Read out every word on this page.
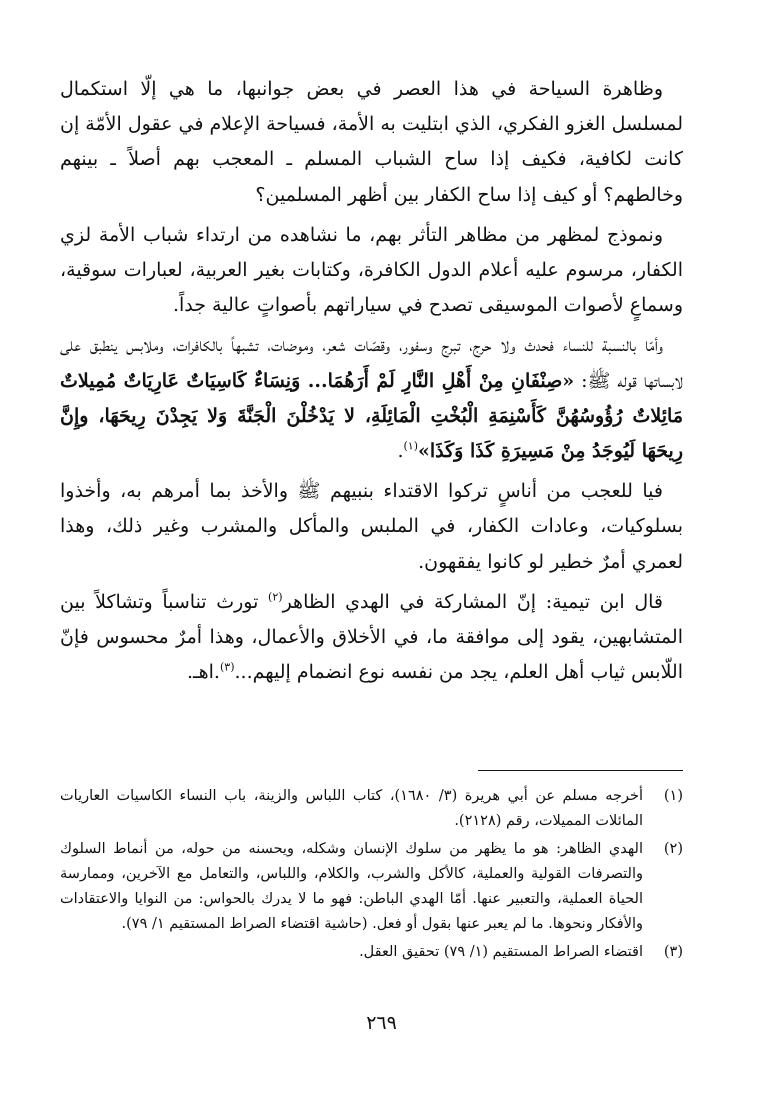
وظاهرة السياحة في هذا العصر في بعض جوانبها، ما هي إلّا استكمال لمسلسل الغزو الفكري، الذي ابتليت به الأمة، فسياحة الإعلام في عقول الأمّة إن كانت لكافية، فكيف إذا ساح الشباب المسلم ـ المعجب بهم أصلاً ـ بينهم وخالطهم؟ أو كيف إذا ساح الكفار بين أظهر المسلمين؟

ونموذج لمظهر من مظاهر التأثر بهم، ما نشاهده من ارتداء شباب الأمة لزي الكفار، مرسوم عليه أعلام الدول الكافرة، وكتابات بغير العربية، لعبارات سوقية، وسماعٍ لأصوات الموسيقى تصدح في سياراتهم بأصواتٍ عالية جداً.

وأمّا بالنسبة للنساء فحدث ولا حرج، تبرج وسفور، وقصّات شعر، وموضات، تشبهاً بالكافرات، وملابس ينطبق على لابساتها قوله ﷺ: «صِنْفَانِ مِنْ أَهْلِ النَّارِ لَمْ أَرَهُمَا... وَنِسَاءٌ كَاسِيَاتٌ عَارِيَاتٌ مُمِيلاتٌ مَائِلاتٌ رُؤُوسُهُنَّ كَأَسْنِمَةِ الْبُخْتِ الْمَائِلَةِ، لا يَدْخُلْنَ الْجَنَّةَ وَلا يَجِدْنَ رِيحَهَا، وإِنَّ رِيحَهَا لَيُوجَدُ مِنْ مَسِيرَةِ كَذَا وَكَذَا»$^{(١)}$.

فيا للعجب من أناسٍ تركوا الاقتداء بنبيهم ﷺ والأخذ بما أمرهم به، وأخذوا بسلوكيات، وعادات الكفار، في الملبس والمأكل والمشرب وغير ذلك، وهذا لعمري أمرٌ خطير لو كانوا يفقهون.

قال ابن تيمية: إنّ المشاركة في الهدي الظاهر$^{(٢)}$ تورث تناسباً وتشاكلاً بين المتشابهين، يقود إلى موافقة ما، في الأخلاق والأعمال، وهذا أمرٌ محسوس فإنّ اللّابس ثياب أهل العلم، يجد من نفسه نوع انضمام إليهم...$^{(٣)}$.اهـ.

(١)
أخرجه مسلم عن أبي هريرة (٣/ ١٦٨٠)، كتاب اللباس والزينة، باب النساء الكاسيات العاريات المائلات المميلات، رقم (٢١٢٨).
(٢)
الهدي الظاهر: هو ما يظهر من سلوك الإنسان وشكله، ويحسنه من حوله، من أنماط السلوك والتصرفات القولية والعملية، كالأكل والشرب، والكلام، واللباس، والتعامل مع الآخرين، وممارسة الحياة العملية، والتعبير عنها. أمّا الهدي الباطن: فهو ما لا يدرك بالحواس: من النوايا والاعتقادات والأفكار ونحوها. ما لم يعبر عنها بقول أو فعل. (حاشية اقتضاء الصراط المستقيم ١/ ٧٩).
(٣)
اقتضاء الصراط المستقيم (١/ ٧٩) تحقيق العقل.
٢٦٩
